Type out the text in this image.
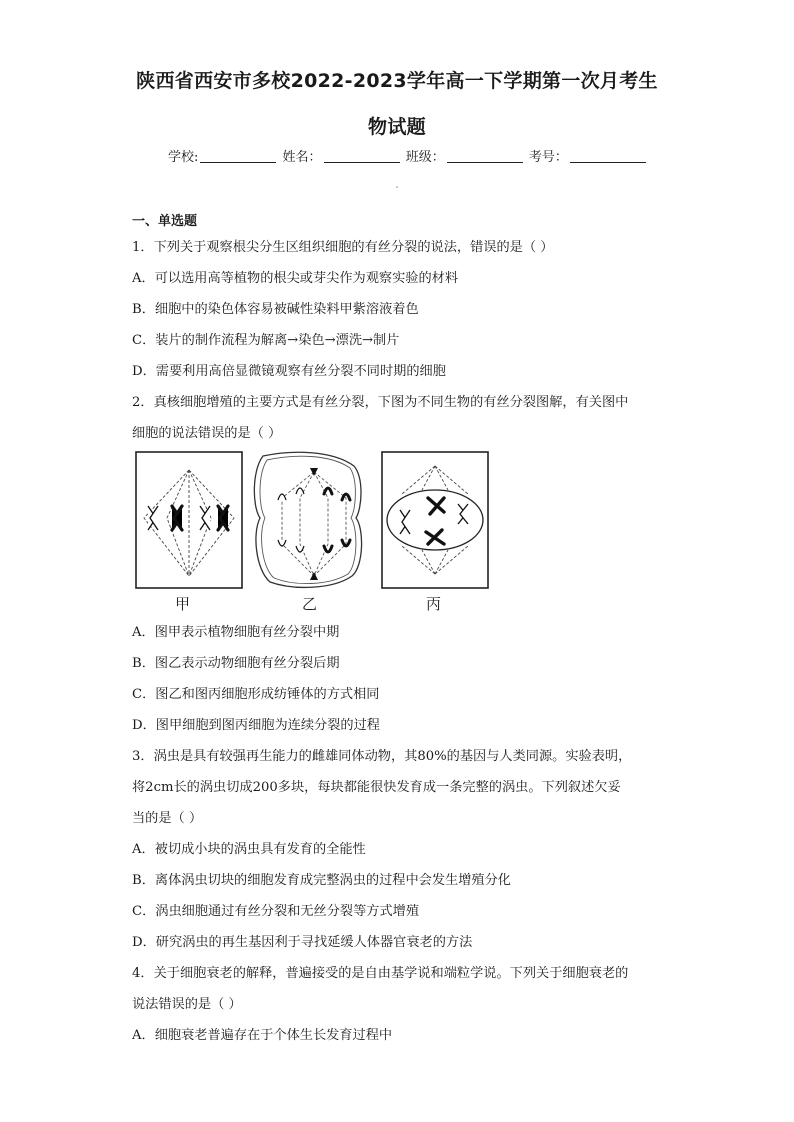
陕西省西安市多校2022-2023学年高一下学期第一次月考生
物试题
学校:	姓名：	班级：	考号：
一、单选题
1．下列关于观察根尖分生区组织细胞的有丝分裂的说法，错误的是（ ）
A．可以选用高等植物的根尖或芽尖作为观察实验的材料
B．细胞中的染色体容易被碱性染料甲紫溶液着色
C．装片的制作流程为解离→染色→漂洗→制片
D．需要利用高倍显微镜观察有丝分裂不同时期的细胞
2．真核细胞增殖的主要方式是有丝分裂，下图为不同生物的有丝分裂图解，有关图中
细胞的说法错误的是（ ）
甲	乙	丙
A．图甲表示植物细胞有丝分裂中期
B．图乙表示动物细胞有丝分裂后期
C．图乙和图丙细胞形成纺锤体的方式相同
D．图甲细胞到图丙细胞为连续分裂的过程
3．涡虫是具有较强再生能力的雌雄同体动物，其80%的基因与人类同源。实验表明，
将2cm长的涡虫切成200多块，每块都能很快发育成一条完整的涡虫。下列叙述欠妥
当的是（ ）
A．被切成小块的涡虫具有发育的全能性
B．离体涡虫切块的细胞发育成完整涡虫的过程中会发生增殖分化
C．涡虫细胞通过有丝分裂和无丝分裂等方式增殖
D．研究涡虫的再生基因利于寻找延缓人体器官衰老的方法
4．关于细胞衰老的解释，普遍接受的是自由基学说和端粒学说。下列关于细胞衰老的
说法错误的是（ ）
A．细胞衰老普遍存在于个体生长发育过程中
